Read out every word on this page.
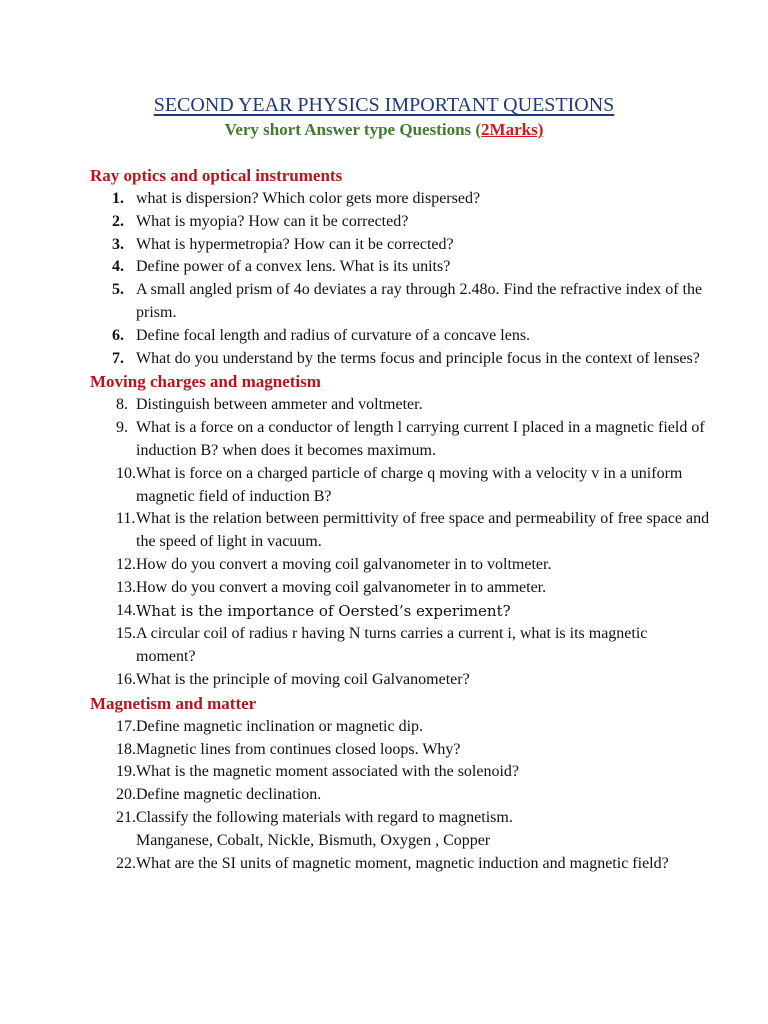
SECOND YEAR PHYSICS IMPORTANT QUESTIONS
Very short Answer type Questions (2Marks)
Ray optics and optical instruments
1. what is dispersion? Which color gets more dispersed?
2. What is myopia? How can it be corrected?
3. What is hypermetropia? How can it be corrected?
4. Define power of a convex lens. What is its units?
5. A small angled prism of 4o deviates a ray through 2.48o. Find the refractive index of the prism.
6. Define focal length and radius of curvature of a concave lens.
7. What do you understand by the terms focus and principle focus in the context of lenses?
Moving charges and magnetism
8. Distinguish between ammeter and voltmeter.
9. What is a force on a conductor of length l carrying current I placed in a magnetic field of induction B? when does it becomes maximum.
10. What is force on a charged particle of charge q moving with a velocity v in a uniform magnetic field of induction B?
11. What is the relation between permittivity of free space and permeability of free space and the speed of light in vacuum.
12. How do you convert a moving coil galvanometer in to voltmeter.
13. How do you convert a moving coil galvanometer in to ammeter.
14. What is the importance of Oersted’s experiment?
15. A circular coil of radius r having N turns carries a current i, what is its magnetic moment?
16. What is the principle of moving coil Galvanometer?
Magnetism and matter
17. Define magnetic inclination or magnetic dip.
18. Magnetic lines from continues closed loops. Why?
19. What is the magnetic moment associated with the solenoid?
20. Define magnetic declination.
21. Classify the following materials with regard to magnetism.
Manganese, Cobalt, Nickle, Bismuth, Oxygen , Copper
22. What are the SI units of magnetic moment, magnetic induction and magnetic field?
